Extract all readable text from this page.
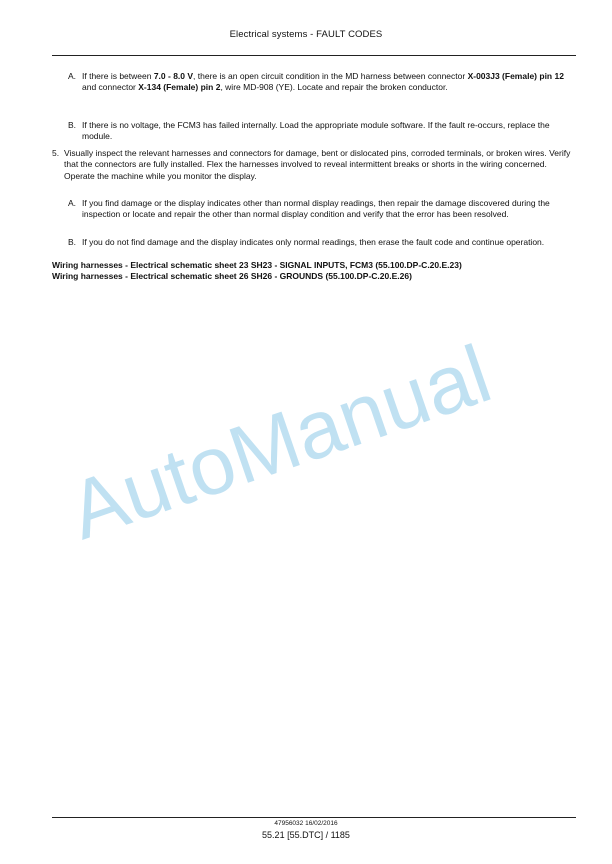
Electrical systems - FAULT CODES
A. If there is between 7.0 - 8.0 V, there is an open circuit condition in the MD harness between connector X-003J3 (Female) pin 12 and connector X-134 (Female) pin 2, wire MD-908 (YE). Locate and repair the broken conductor.
B. If there is no voltage, the FCM3 has failed internally. Load the appropriate module software. If the fault re-occurs, replace the module.
5. Visually inspect the relevant harnesses and connectors for damage, bent or dislocated pins, corroded terminals, or broken wires. Verify that the connectors are fully installed. Flex the harnesses involved to reveal intermittent breaks or shorts in the wiring concerned. Operate the machine while you monitor the display.
A. If you find damage or the display indicates other than normal display readings, then repair the damage discovered during the inspection or locate and repair the other than normal display condition and verify that the error has been resolved.
B. If you do not find damage and the display indicates only normal readings, then erase the fault code and continue operation.
Wiring harnesses - Electrical schematic sheet 23 SH23 - SIGNAL INPUTS, FCM3 (55.100.DP-C.20.E.23)
Wiring harnesses - Electrical schematic sheet 26 SH26 - GROUNDS (55.100.DP-C.20.E.26)
AutoManual
47956032 16/02/2016
55.21 [55.DTC] / 1185
